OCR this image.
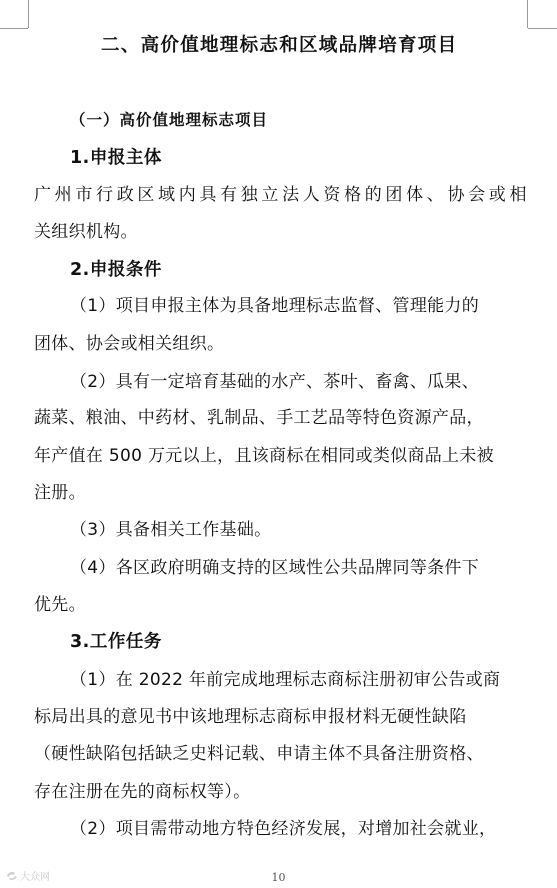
二、高价值地理标志和区域品牌培育项目
（一）高价值地理标志项目
1.申报主体
广 州 市 行 政 区 域 内 具 有 独 立 法 人 资 格 的 团 体 、 协 会 或 相
关组织机构。
2.申报条件
（1）项目申报主体为具备地理标志监督、管理能力的
团体、协会或相关组织。
（2）具有一定培育基础的水产、茶叶、畜禽、瓜果、
蔬菜、粮油、中药材、乳制品、手工艺品等特色资源产品，
年产值在 500 万元以上，且该商标在相同或类似商品上未被
注册。
（3）具备相关工作基础。
（4）各区政府明确支持的区域性公共品牌同等条件下
优先。
3.工作任务
（1）在 2022 年前完成地理标志商标注册初审公告或商
标局出具的意见书中该地理标志商标申报材料无硬性缺陷
（硬性缺陷包括缺乏史料记载、申请主体不具备注册资格、
存在注册在先的商标权等）。
（2）项目需带动地方特色经济发展，对增加社会就业，
10
大众网
